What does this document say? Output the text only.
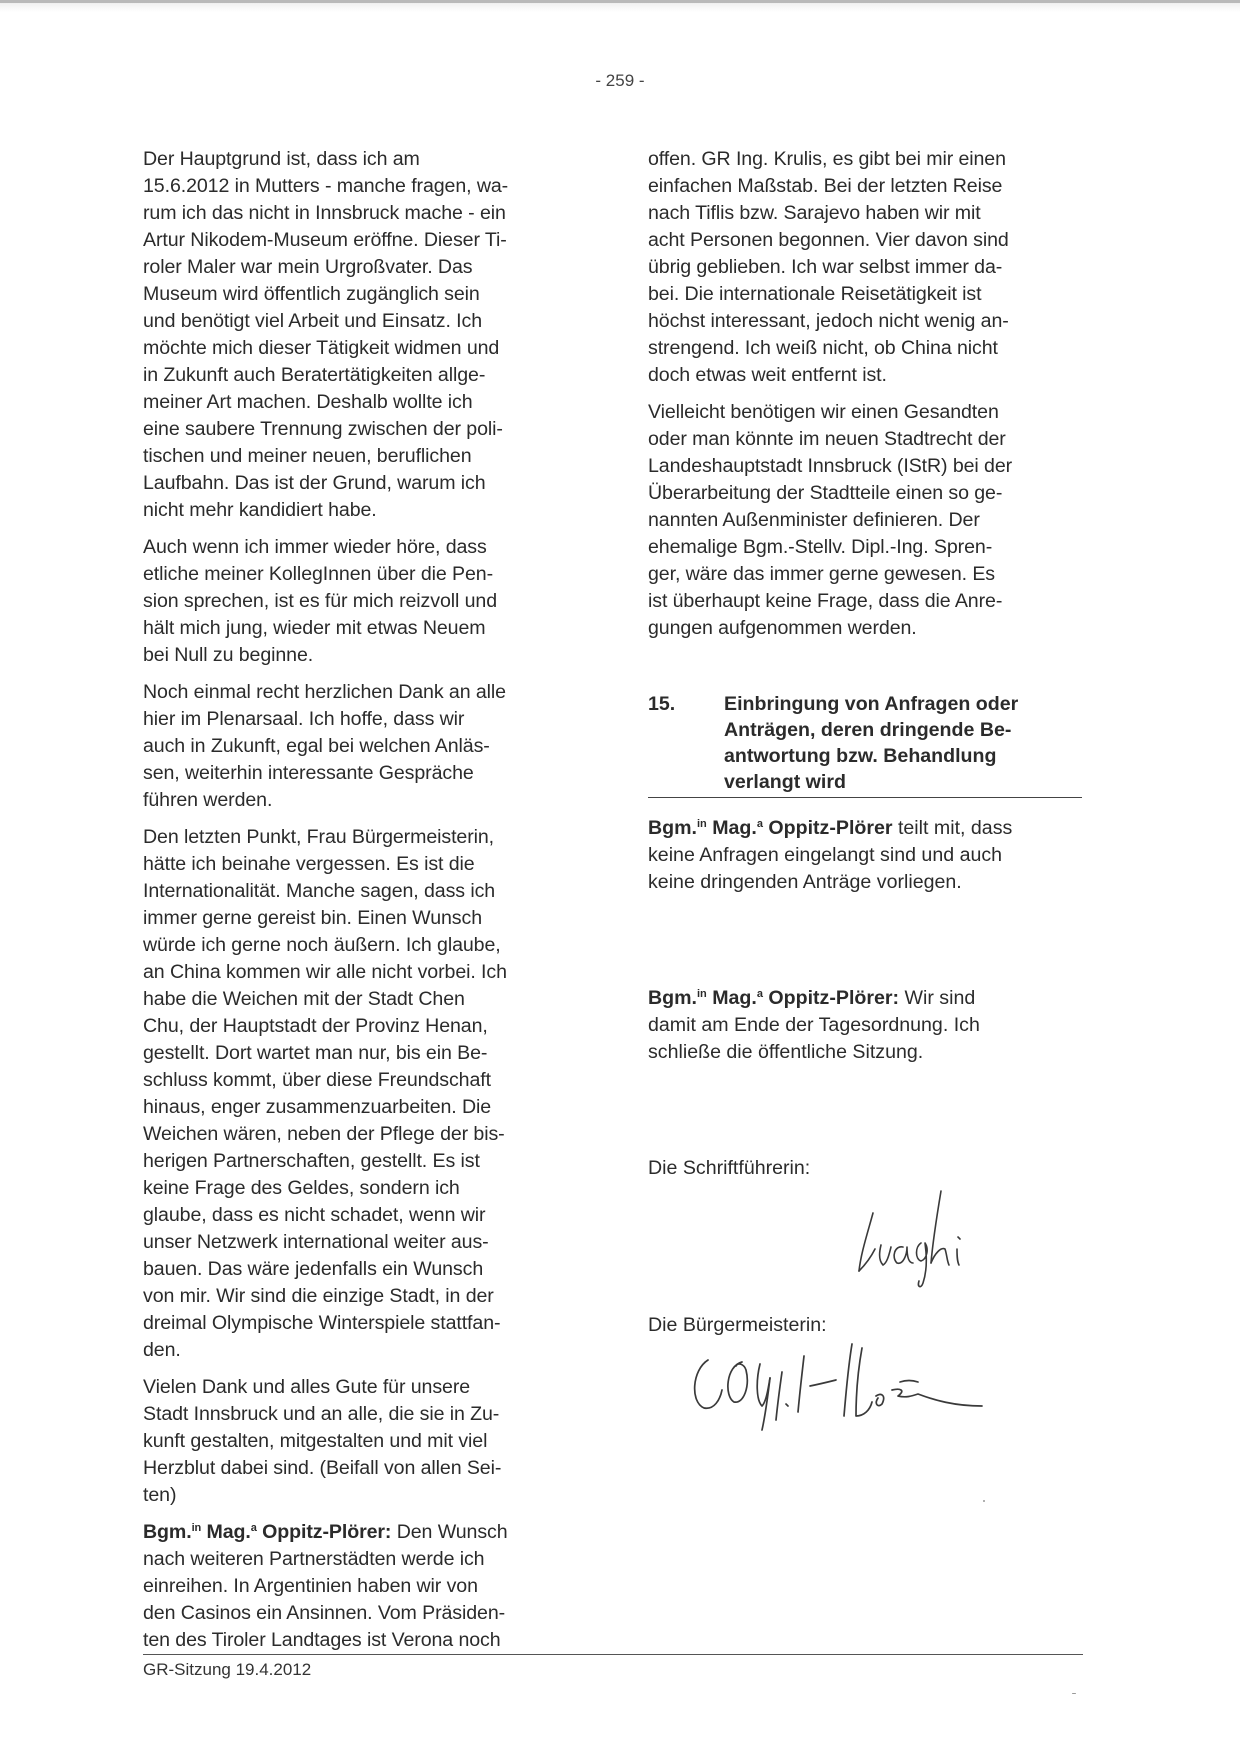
- 259 -

Der Hauptgrund ist, dass ich am
15.6.2012 in Mutters - manche fragen, wa-
rum ich das nicht in Innsbruck mache - ein
Artur Nikodem-Museum eröffne. Dieser Ti-
roler Maler war mein Urgroßvater. Das
Museum wird öffentlich zugänglich sein
und benötigt viel Arbeit und Einsatz. Ich
möchte mich dieser Tätigkeit widmen und
in Zukunft auch Beratertätigkeiten allge-
meiner Art machen. Deshalb wollte ich
eine saubere Trennung zwischen der poli-
tischen und meiner neuen, beruflichen
Laufbahn. Das ist der Grund, warum ich
nicht mehr kandidiert habe.

Auch wenn ich immer wieder höre, dass
etliche meiner KollegInnen über die Pen-
sion sprechen, ist es für mich reizvoll und
hält mich jung, wieder mit etwas Neuem
bei Null zu beginne.

Noch einmal recht herzlichen Dank an alle
hier im Plenarsaal. Ich hoffe, dass wir
auch in Zukunft, egal bei welchen Anläs-
sen, weiterhin interessante Gespräche
führen werden.

Den letzten Punkt, Frau Bürgermeisterin,
hätte ich beinahe vergessen. Es ist die
Internationalität. Manche sagen, dass ich
immer gerne gereist bin. Einen Wunsch
würde ich gerne noch äußern. Ich glaube,
an China kommen wir alle nicht vorbei. Ich
habe die Weichen mit der Stadt Chen
Chu, der Hauptstadt der Provinz Henan,
gestellt. Dort wartet man nur, bis ein Be-
schluss kommt, über diese Freundschaft
hinaus, enger zusammenzuarbeiten. Die
Weichen wären, neben der Pflege der bis-
herigen Partnerschaften, gestellt. Es ist
keine Frage des Geldes, sondern ich
glaube, dass es nicht schadet, wenn wir
unser Netzwerk international weiter aus-
bauen. Das wäre jedenfalls ein Wunsch
von mir. Wir sind die einzige Stadt, in der
dreimal Olympische Winterspiele stattfan-
den.

Vielen Dank und alles Gute für unsere
Stadt Innsbruck und an alle, die sie in Zu-
kunft gestalten, mitgestalten und mit viel
Herzblut dabei sind. (Beifall von allen Sei-
ten)

Bgm.$^{in}$ Mag.$^a$ Oppitz-Plörer: Den Wunsch
nach weiteren Partnerstädten werde ich
einreihen. In Argentinien haben wir von
den Casinos ein Ansinnen. Vom Präsiden-
ten des Tiroler Landtages ist Verona noch

offen. GR Ing. Krulis, es gibt bei mir einen
einfachen Maßstab. Bei der letzten Reise
nach Tiflis bzw. Sarajevo haben wir mit
acht Personen begonnen. Vier davon sind
übrig geblieben. Ich war selbst immer da-
bei. Die internationale Reisetätigkeit ist
höchst interessant, jedoch nicht wenig an-
strengend. Ich weiß nicht, ob China nicht
doch etwas weit entfernt ist.

Vielleicht benötigen wir einen Gesandten
oder man könnte im neuen Stadtrecht der
Landeshauptstadt Innsbruck (IStR) bei der
Überarbeitung der Stadtteile einen so ge-
nannten Außenminister definieren. Der
ehemalige Bgm.-Stellv. Dipl.-Ing. Spren-
ger, wäre das immer gerne gewesen. Es
ist überhaupt keine Frage, dass die Anre-
gungen aufgenommen werden.

15. Einbringung von Anfragen oder
Anträgen, deren dringende Be-
antwortung bzw. Behandlung
verlangt wird
Bgm.$^{in}$ Mag.$^a$ Oppitz-Plörer teilt mit, dass
keine Anfragen eingelangt sind und auch
keine dringenden Anträge vorliegen.
Bgm.$^{in}$ Mag.$^a$ Oppitz-Plörer: Wir sind
damit am Ende der Tagesordnung. Ich
schließe die öffentliche Sitzung.
Die Schriftführerin:
Die Bürgermeisterin:
GR-Sitzung 19.4.2012
